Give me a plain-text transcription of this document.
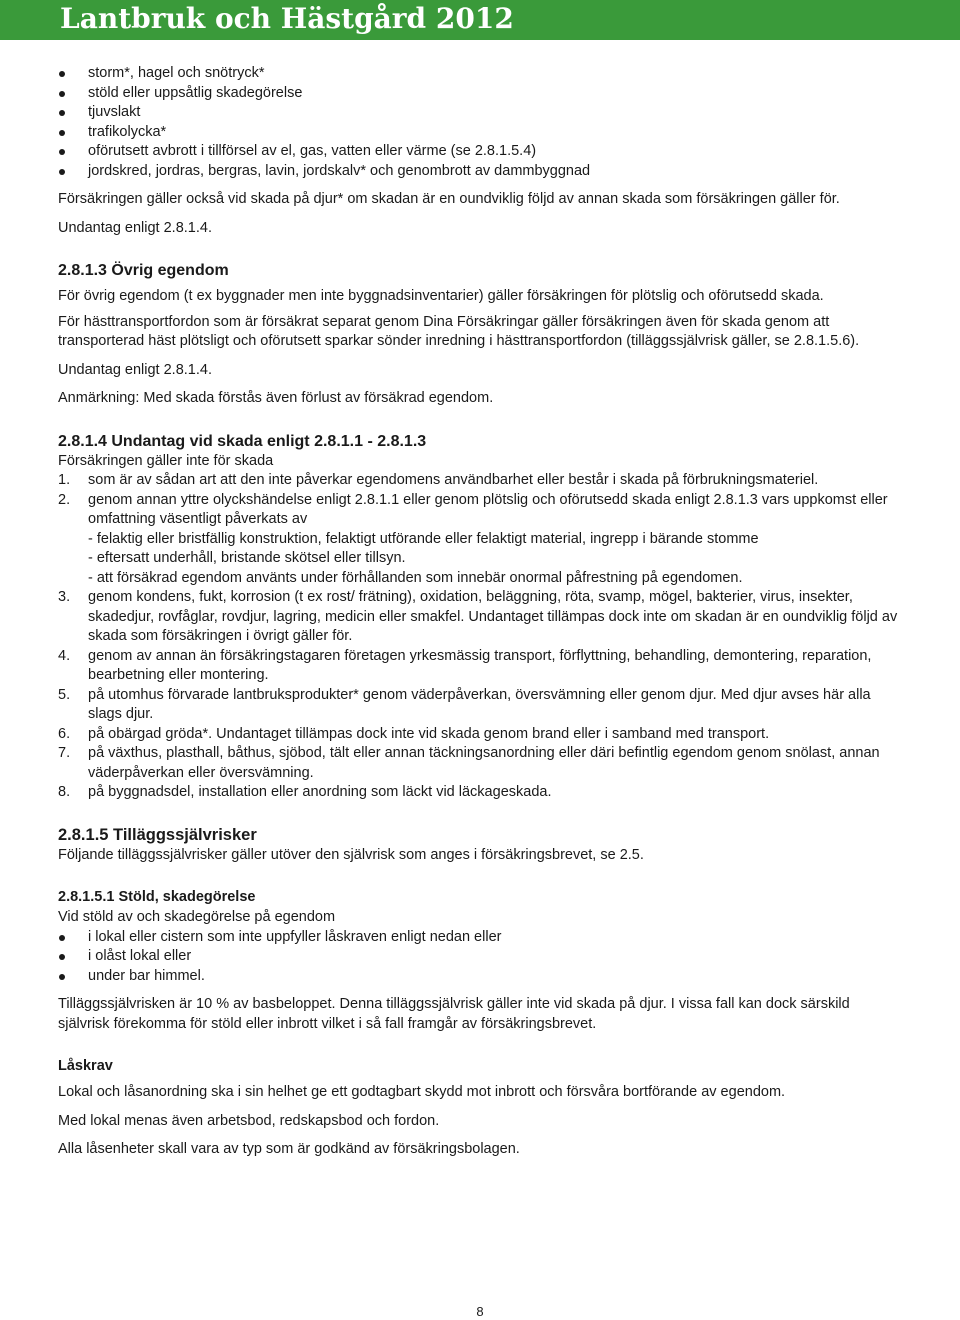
Lantbruk och Hästgård 2012
storm*, hagel och snötryck*
stöld eller uppsåtlig skadegörelse
tjuvslakt
trafikolycka*
oförutsett avbrott i tillförsel av el, gas, vatten eller värme (se 2.8.1.5.4)
jordskred, jordras, bergras, lavin, jordskalv* och genombrott av dammbyggnad

Försäkringen gäller också vid skada på djur* om skadan är en oundviklig följd av annan skada som försäkringen gäller för.

Undantag enligt 2.8.1.4.

2.8.1.3 Övrig egendom

För övrig egendom (t ex byggnader men inte byggnadsinventarier) gäller försäkringen för plötslig och oförutsedd skada.

För hästtransportfordon som är försäkrat separat genom Dina Försäkringar gäller försäkringen även för skada genom att transporterad häst plötsligt och oförutsett sparkar sönder inredning i hästtransportfordon (tilläggssjälvrisk gäller, se 2.8.1.5.6).

Undantag enligt 2.8.1.4.

Anmärkning: Med skada förstås även förlust av försäkrad egendom.

2.8.1.4 Undantag vid skada enligt 2.8.1.1 - 2.8.1.3

Försäkringen gäller inte för skada

1. som är av sådan art att den inte påverkar egendomens användbarhet eller består i skada på förbrukningsmateriel.
2. genom annan yttre olyckshändelse enligt 2.8.1.1 eller genom plötslig och oförutsedd skada enligt 2.8.1.3 vars uppkomst eller omfattning väsentligt påverkats av
- felaktig eller bristfällig konstruktion, felaktigt utförande eller felaktigt material, ingrepp i bärande stomme
- eftersatt underhåll, bristande skötsel eller tillsyn.
- att försäkrad egendom använts under förhållanden som innebär onormal påfrestning på egendomen.
3. genom kondens, fukt, korrosion (t ex rost/ frätning), oxidation, beläggning, röta, svamp, mögel, bakterier, virus, insekter, skadedjur, rovfåglar, rovdjur, lagring, medicin eller smakfel. Undantaget tillämpas dock inte om skadan är en oundviklig följd av skada som försäkringen i övrigt gäller för.
4. genom av annan än försäkringstagaren företagen yrkesmässig transport, förflyttning, behandling, demontering, reparation, bearbetning eller montering.
5. på utomhus förvarade lantbruksprodukter* genom väderpåverkan, översvämning eller genom djur. Med djur avses här alla slags djur.
6. på obärgad gröda*. Undantaget tillämpas dock inte vid skada genom brand eller i samband med transport.
7. på växthus, plasthall, båthus, sjöbod, tält eller annan täckningsanordning eller däri befintlig egendom genom snölast, annan väderpåverkan eller översvämning.
8. på byggnadsdel, installation eller anordning som läckt vid läckageskada.
2.8.1.5 Tilläggssjälvrisker

Följande tilläggssjälvrisker gäller utöver den självrisk som anges i försäkringsbrevet, se 2.5.

2.8.1.5.1 Stöld, skadegörelse

Vid stöld av och skadegörelse på egendom

i lokal eller cistern som inte uppfyller låskraven enligt nedan eller
i olåst lokal eller
under bar himmel.

Tilläggssjälvrisken är 10 % av basbeloppet. Denna tilläggssjälvrisk gäller inte vid skada på djur. I vissa fall kan dock särskild självrisk förekomma för stöld eller inbrott vilket i så fall framgår av försäkringsbrevet.

Låskrav

Lokal och låsanordning ska i sin helhet ge ett godtagbart skydd mot inbrott och försvåra bortförande av egendom.

Med lokal menas även arbetsbod, redskapsbod och fordon.

Alla låsenheter skall vara av typ som är godkänd av försäkringsbolagen.

8
